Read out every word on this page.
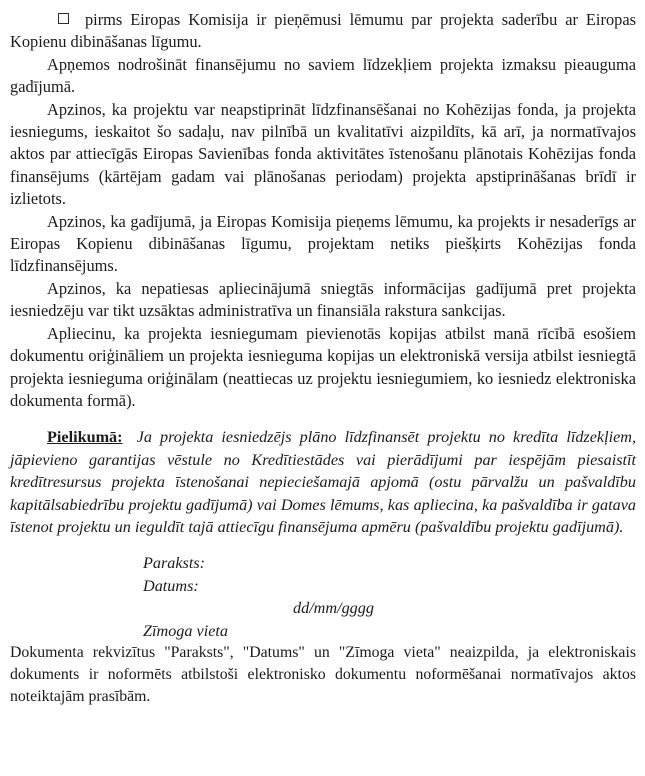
pirms Eiropas Komisija ir pieņēmusi lēmumu par projekta saderību ar Eiropas Kopienu dibināšanas līgumu.

Apņemos nodrošināt finansējumu no saviem līdzekļiem projekta izmaksu pieauguma gadījumā.

Apzinos, ka projektu var neapstiprināt līdzfinansēšanai no Kohēzijas fonda, ja projekta iesniegums, ieskaitot šo sadaļu, nav pilnībā un kvalitatīvi aizpildīts, kā arī, ja normatīvajos aktos par attiecīgās Eiropas Savienības fonda aktivitātes īstenošanu plānotais Kohēzijas fonda finansējums (kārtējam gadam vai plānošanas periodam) projekta apstiprināšanas brīdī ir izlietots.

Apzinos, ka gadījumā, ja Eiropas Komisija pieņems lēmumu, ka projekts ir nesaderīgs ar Eiropas Kopienu dibināšanas līgumu, projektam netiks piešķirts Kohēzijas fonda līdzfinansējums.

Apzinos, ka nepatiesas apliecinājumā sniegtās informācijas gadījumā pret projekta iesniedzēju var tikt uzsāktas administratīva un finansiāla rakstura sankcijas.

Apliecinu, ka projekta iesniegumam pievienotās kopijas atbilst manā rīcībā esošiem dokumentu oriģināliem un projekta iesnieguma kopijas un elektroniskā versija atbilst iesniegtā projekta iesnieguma oriģinālam (neattiecas uz projektu iesniegumiem, ko iesniedz elektroniska dokumenta formā).

Pielikumā: Ja projekta iesniedzējs plāno līdzfinansēt projektu no kredīta līdzekļiem, jāpievieno garantijas vēstule no Kredītiestādes vai pierādījumi par iespējām piesaistīt kredītresursus projekta īstenošanai nepieciešamajā apjomā (ostu pārvalžu un pašvaldību kapitālsabiedrību projektu gadījumā) vai Domes lēmums, kas apliecina, ka pašvaldība ir gatava īstenot projektu un ieguldīt tajā attiecīgu finansējuma apmēru (pašvaldību projektu gadījumā).

Paraksts:
Datums:
dd/mm/gggg
Zīmoga vieta

Dokumenta rekvizītus "Paraksts", "Datums" un "Zīmoga vieta" neaizpilda, ja elektroniskais dokuments ir noformēts atbilstoši elektronisko dokumentu noformēšanai normatīvajos aktos noteiktajām prasībām.
